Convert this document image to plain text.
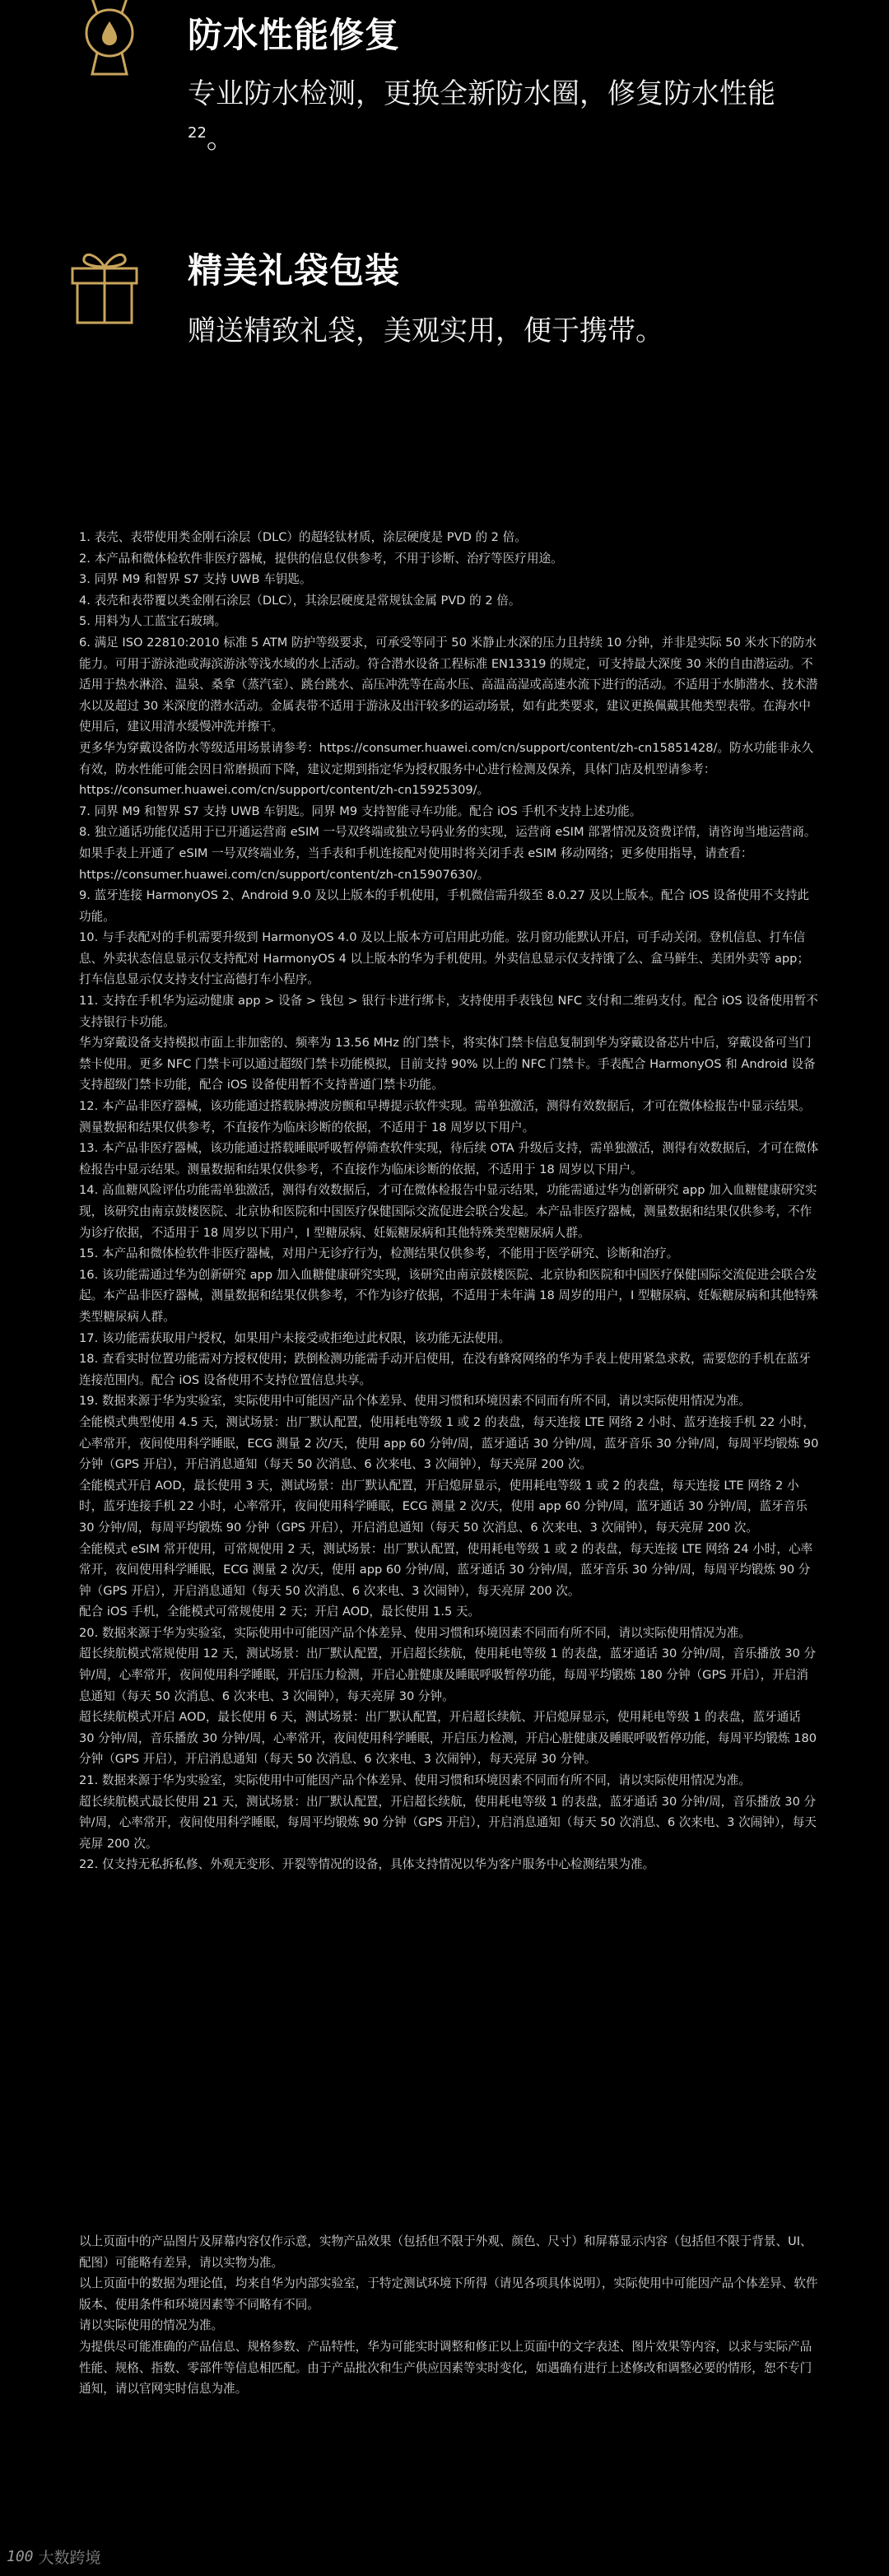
防水性能修复

专业防水检测，更换全新防水圈，修复防水性能$^{22}$。

精美礼袋包装

赠送精致礼袋，美观实用，便于携带。

1. 表壳、表带使用类金刚石涂层（DLC）的超轻钛材质，涂层硬度是 PVD 的 2 倍。

2. 本产品和微体检软件非医疗器械，提供的信息仅供参考，不用于诊断、治疗等医疗用途。

3. 同界 M9 和智界 S7 支持 UWB 车钥匙。

4. 表壳和表带覆以类金刚石涂层（DLC），其涂层硬度是常规钛金属 PVD 的 2 倍。

5. 用料为人工蓝宝石玻璃。

6. 满足 ISO 22810:2010 标准 5 ATM 防护等级要求，可承受等同于 50 米静止水深的压力且持续 10 分钟，并非是实际 50 米水下的防水能力。可用于游泳池或海滨游泳等浅水域的水上活动。符合潜水设备工程标准 EN13319 的规定，可支持最大深度 30 米的自由潜运动。不适用于热水淋浴、温泉、桑拿（蒸汽室）、跳台跳水、高压冲洗等在高水压、高温高湿或高速水流下进行的活动。不适用于水肺潜水、技术潜水以及超过 30 米深度的潜水活动。金属表带不适用于游泳及出汗较多的运动场景，如有此类要求，建议更换佩戴其他类型表带。在海水中使用后，建议用清水缓慢冲洗并擦干。

更多华为穿戴设备防水等级适用场景请参考：https://consumer.huawei.com/cn/support/content/zh-cn15851428/。防水功能非永久有效，防水性能可能会因日常磨损而下降，建议定期到指定华为授权服务中心进行检测及保养，具体门店及机型请参考：https://consumer.huawei.com/cn/support/content/zh-cn15925309/。

7. 同界 M9 和智界 S7 支持 UWB 车钥匙。同界 M9 支持智能寻车功能。配合 iOS 手机不支持上述功能。

8. 独立通话功能仅适用于已开通运营商 eSIM 一号双终端或独立号码业务的实现，运营商 eSIM 部署情况及资费详情，请咨询当地运营商。如果手表上开通了 eSIM 一号双终端业务，当手表和手机连接配对使用时将关闭手表 eSIM 移动网络；更多使用指导，请查看：https://consumer.huawei.com/cn/support/content/zh-cn15907630/。

9. 蓝牙连接 HarmonyOS 2、Android 9.0 及以上版本的手机使用，手机微信需升级至 8.0.27 及以上版本。配合 iOS 设备使用不支持此功能。

10. 与手表配对的手机需要升级到 HarmonyOS 4.0 及以上版本方可启用此功能。弦月窗功能默认开启，可手动关闭。登机信息、打车信息、外卖状态信息显示仅支持配对 HarmonyOS 4 以上版本的华为手机使用。外卖信息显示仅支持饿了么、盒马鲜生、美团外卖等 app；打车信息显示仅支持支付宝高德打车小程序。

11. 支持在手机华为运动健康 app > 设备 > 钱包 > 银行卡进行绑卡，支持使用手表钱包 NFC 支付和二维码支付。配合 iOS 设备使用暂不支持银行卡功能。

华为穿戴设备支持模拟市面上非加密的、频率为 13.56 MHz 的门禁卡，将实体门禁卡信息复制到华为穿戴设备芯片中后，穿戴设备可当门禁卡使用。更多 NFC 门禁卡可以通过超级门禁卡功能模拟，目前支持 90% 以上的 NFC 门禁卡。手表配合 HarmonyOS 和 Android 设备支持超级门禁卡功能，配合 iOS 设备使用暂不支持普通门禁卡功能。

12. 本产品非医疗器械，该功能通过搭载脉搏波房颤和早搏提示软件实现。需单独激活，测得有效数据后，才可在微体检报告中显示结果。测量数据和结果仅供参考，不直接作为临床诊断的依据，不适用于 18 周岁以下用户。

13. 本产品非医疗器械，该功能通过搭载睡眠呼吸暂停筛查软件实现，待后续 OTA 升级后支持，需单独激活，测得有效数据后，才可在微体检报告中显示结果。测量数据和结果仅供参考，不直接作为临床诊断的依据，不适用于 18 周岁以下用户。

14. 高血糖风险评估功能需单独激活，测得有效数据后，才可在微体检报告中显示结果，功能需通过华为创新研究 app 加入血糖健康研究实现，该研究由南京鼓楼医院、北京协和医院和中国医疗保健国际交流促进会联合发起。本产品非医疗器械，测量数据和结果仅供参考，不作为诊疗依据，不适用于 18 周岁以下用户，I 型糖尿病、妊娠糖尿病和其他特殊类型糖尿病人群。

15. 本产品和微体检软件非医疗器械，对用户无诊疗行为，检测结果仅供参考，不能用于医学研究、诊断和治疗。

16. 该功能需通过华为创新研究 app 加入血糖健康研究实现，该研究由南京鼓楼医院、北京协和医院和中国医疗保健国际交流促进会联合发起。本产品非医疗器械，测量数据和结果仅供参考，不作为诊疗依据，不适用于未年满 18 周岁的用户，I 型糖尿病、妊娠糖尿病和其他特殊类型糖尿病人群。

17. 该功能需获取用户授权，如果用户未接受或拒绝过此权限，该功能无法使用。

18. 查看实时位置功能需对方授权使用；跌倒检测功能需手动开启使用，在没有蜂窝网络的华为手表上使用紧急求救，需要您的手机在蓝牙连接范围内。配合 iOS 设备使用不支持位置信息共享。

19. 数据来源于华为实验室，实际使用中可能因产品个体差异、使用习惯和环境因素不同而有所不同，请以实际使用情况为准。

全能模式典型使用 4.5 天，测试场景：出厂默认配置，使用耗电等级 1 或 2 的表盘，每天连接 LTE 网络 2 小时、蓝牙连接手机 22 小时，心率常开，夜间使用科学睡眠，ECG 测量 2 次/天，使用 app 60 分钟/周，蓝牙通话 30 分钟/周，蓝牙音乐 30 分钟/周，每周平均锻炼 90 分钟（GPS 开启），开启消息通知（每天 50 次消息、6 次来电、3 次闹钟），每天亮屏 200 次。

全能模式开启 AOD，最长使用 3 天，测试场景：出厂默认配置，开启熄屏显示，使用耗电等级 1 或 2 的表盘，每天连接 LTE 网络 2 小时，蓝牙连接手机 22 小时，心率常开，夜间使用科学睡眠，ECG 测量 2 次/天，使用 app 60 分钟/周，蓝牙通话 30 分钟/周，蓝牙音乐 30 分钟/周，每周平均锻炼 90 分钟（GPS 开启），开启消息通知（每天 50 次消息、6 次来电、3 次闹钟），每天亮屏 200 次。

全能模式 eSIM 常开使用，可常规使用 2 天，测试场景：出厂默认配置，使用耗电等级 1 或 2 的表盘，每天连接 LTE 网络 24 小时，心率常开，夜间使用科学睡眠，ECG 测量 2 次/天，使用 app 60 分钟/周，蓝牙通话 30 分钟/周，蓝牙音乐 30 分钟/周，每周平均锻炼 90 分钟（GPS 开启），开启消息通知（每天 50 次消息、6 次来电、3 次闹钟），每天亮屏 200 次。

配合 iOS 手机，全能模式可常规使用 2 天；开启 AOD，最长使用 1.5 天。

20. 数据来源于华为实验室，实际使用中可能因产品个体差异、使用习惯和环境因素不同而有所不同，请以实际使用情况为准。

超长续航模式常规使用 12 天，测试场景：出厂默认配置，开启超长续航，使用耗电等级 1 的表盘，蓝牙通话 30 分钟/周，音乐播放 30 分钟/周，心率常开，夜间使用科学睡眠，开启压力检测，开启心脏健康及睡眠呼吸暂停功能，每周平均锻炼 180 分钟（GPS 开启），开启消息通知（每天 50 次消息、6 次来电、3 次闹钟），每天亮屏 30 分钟。

超长续航模式开启 AOD，最长使用 6 天，测试场景：出厂默认配置，开启超长续航、开启熄屏显示，使用耗电等级 1 的表盘，蓝牙通话 30 分钟/周，音乐播放 30 分钟/周，心率常开，夜间使用科学睡眠，开启压力检测，开启心脏健康及睡眠呼吸暂停功能，每周平均锻炼 180 分钟（GPS 开启），开启消息通知（每天 50 次消息、6 次来电、3 次闹钟），每天亮屏 30 分钟。

21. 数据来源于华为实验室，实际使用中可能因产品个体差异、使用习惯和环境因素不同而有所不同，请以实际使用情况为准。

超长续航模式最长使用 21 天，测试场景：出厂默认配置，开启超长续航，使用耗电等级 1 的表盘，蓝牙通话 30 分钟/周，音乐播放 30 分钟/周，心率常开，夜间使用科学睡眠，每周平均锻炼 90 分钟（GPS 开启），开启消息通知（每天 50 次消息、6 次来电、3 次闹钟），每天亮屏 200 次。

22. 仅支持无私拆私修、外观无变形、开裂等情况的设备，具体支持情况以华为客户服务中心检测结果为准。

以上页面中的产品图片及屏幕内容仅作示意，实物产品效果（包括但不限于外观、颜色、尺寸）和屏幕显示内容（包括但不限于背景、UI、配图）可能略有差异，请以实物为准。

以上页面中的数据为理论值，均来自华为内部实验室，于特定测试环境下所得（请见各项具体说明），实际使用中可能因产品个体差异、软件版本、使用条件和环境因素等不同略有不同。

请以实际使用的情况为准。

为提供尽可能准确的产品信息、规格参数、产品特性，华为可能实时调整和修正以上页面中的文字表述、图片效果等内容，以求与实际产品性能、规格、指数、零部件等信息相匹配。由于产品批次和生产供应因素等实时变化，如遇确有进行上述修改和调整必要的情形，恕不专门通知，请以官网实时信息为准。

100 大数跨境
